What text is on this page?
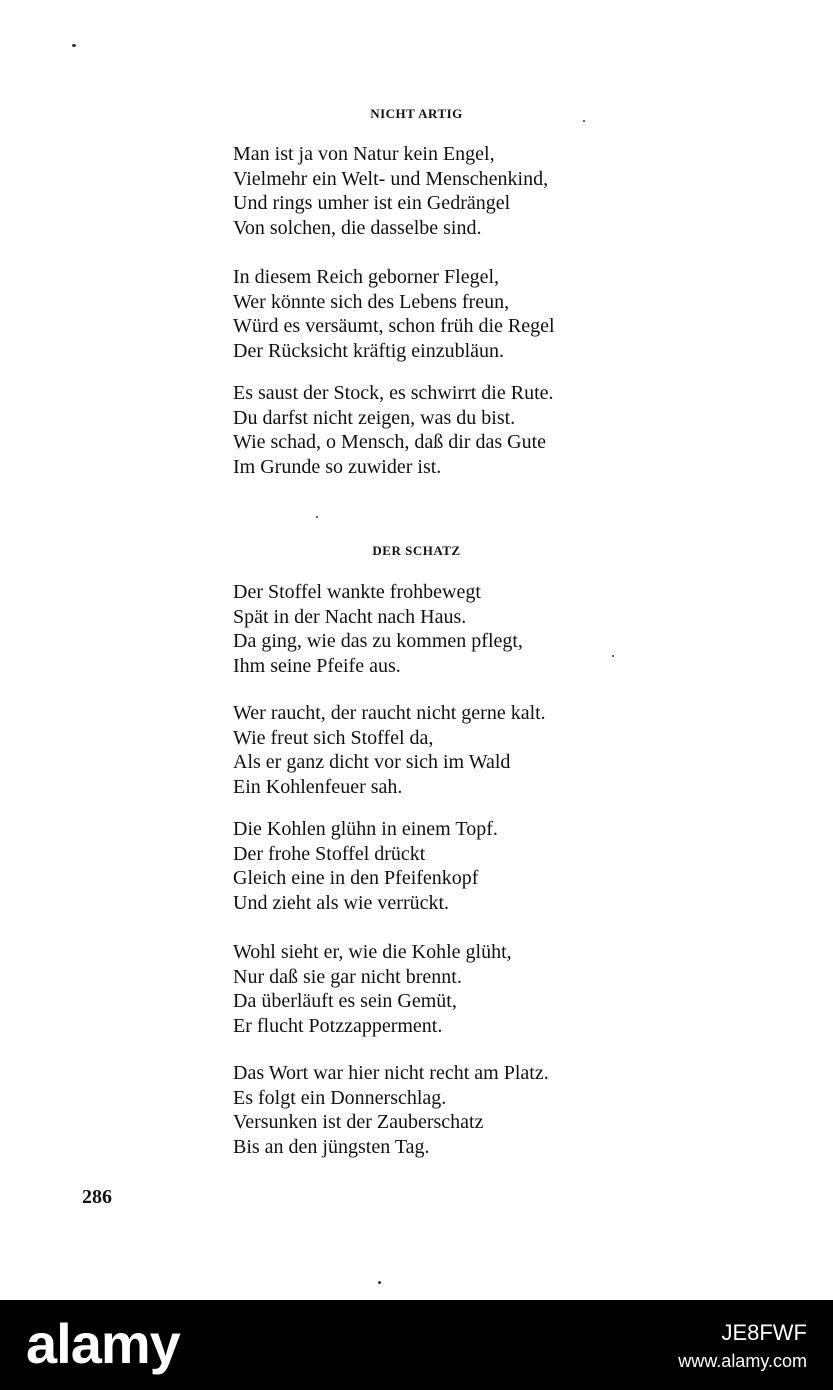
NICHT ARTIG
Man ist ja von Natur kein Engel,
Vielmehr ein Welt- und Menschenkind,
Und rings umher ist ein Gedrängel
Von solchen, die dasselbe sind.
In diesem Reich geborner Flegel,
Wer könnte sich des Lebens freun,
Würd es versäumt, schon früh die Regel
Der Rücksicht kräftig einzubläun.
Es saust der Stock, es schwirrt die Rute.
Du darfst nicht zeigen, was du bist.
Wie schad, o Mensch, daß dir das Gute
Im Grunde so zuwider ist.
DER SCHATZ
Der Stoffel wankte frohbewegt
Spät in der Nacht nach Haus.
Da ging, wie das zu kommen pflegt,
Ihm seine Pfeife aus.
Wer raucht, der raucht nicht gerne kalt.
Wie freut sich Stoffel da,
Als er ganz dicht vor sich im Wald
Ein Kohlenfeuer sah.
Die Kohlen glühn in einem Topf.
Der frohe Stoffel drückt
Gleich eine in den Pfeifenkopf
Und zieht als wie verrückt.
Wohl sieht er, wie die Kohle glüht,
Nur daß sie gar nicht brennt.
Da überläuft es sein Gemüt,
Er flucht Potzzapperment.
Das Wort war hier nicht recht am Platz.
Es folgt ein Donnerschlag.
Versunken ist der Zauberschatz
Bis an den jüngsten Tag.
286
alamy	JE8FWF
www.alamy.com
